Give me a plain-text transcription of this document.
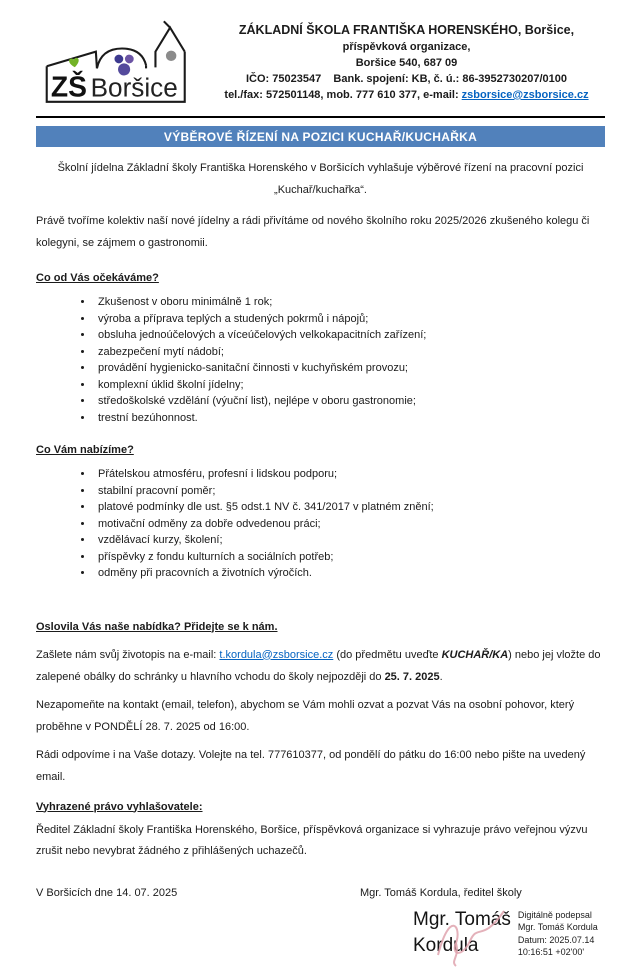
ZŠ Boršice
ZÁKLADNÍ ŠKOLA FRANTIŠKA HORENSKÉHO, Boršice,
příspěvková organizace,
Boršice 540, 687 09
IČO: 75023547    Bank. spojení: KB, č. ú.: 86-3952730207/0100
tel./fax: 572501148, mob. 777 610 377, e-mail: zsborsice@zsborsice.cz
VÝBĚROVÉ ŘÍZENÍ NA POZICI KUCHAŘ/KUCHAŘKA

Školní jídelna Základní školy Františka Horenského v Boršicích vyhlašuje výběrové řízení na pracovní pozici
„Kuchař/kuchařka“.

Právě tvoříme kolektiv naší nové jídelny a rádi přivítáme od nového školního roku 2025/2026 zkušeného kolegu či kolegyni, se zájmem o gastronomii.

Co od Vás očekáváme?
• Zkušenost v oboru minimálně 1 rok;
• výroba a příprava teplých a studených pokrmů i nápojů;
• obsluha jednoúčelových a víceúčelových velkokapacitních zařízení;
• zabezpečení mytí nádobí;
• provádění hygienicko-sanitační činnosti v kuchyňském provozu;
• komplexní úklid školní jídelny;
• středoškolské vzdělání (výuční list), nejlépe v oboru gastronomie;
• trestní bezúhonnost.
Co Vám nabízíme?
• Přátelskou atmosféru, profesní i lidskou podporu;
• stabilní pracovní poměr;
• platové podmínky dle ust. §5 odst.1 NV č. 341/2017 v platném znění;
• motivační odměny za dobře odvedenou práci;
• vzdělávací kurzy, školení;
• příspěvky z fondu kulturních a sociálních potřeb;
• odměny při pracovních a životních výročích.
Oslovila Vás naše nabídka? Přidejte se k nám.

Zašlete nám svůj životopis na e-mail: t.kordula@zsborsice.cz (do předmětu uveďte KUCHAŘ/KA) nebo jej vložte do zalepené obálky do schránky u hlavního vchodu do školy nejpozději do 25. 7. 2025.

Nezapomeňte na kontakt (email, telefon), abychom se Vám mohli ozvat a pozvat Vás na osobní pohovor, který proběhne v PONDĚLÍ 28. 7. 2025 od 16:00.

Rádi odpovíme i na Vaše dotazy. Volejte na tel. 777610377, od pondělí do pátku do 16:00 nebo pište na uvedený email.

Vyhrazené právo vyhlašovatele:

Ředitel Základní školy Františka Horenského, Boršice, příspěvková organizace si vyhrazuje právo veřejnou výzvu zrušit nebo nevybrat žádného z přihlášených uchazečů.

V Boršicích dne 14. 07. 2025	Mgr. Tomáš Kordula, ředitel školy
Mgr. Tomáš
Kordula
Digitálně podepsal
Mgr. Tomáš Kordula
Datum: 2025.07.14
10:16:51 +02'00'
